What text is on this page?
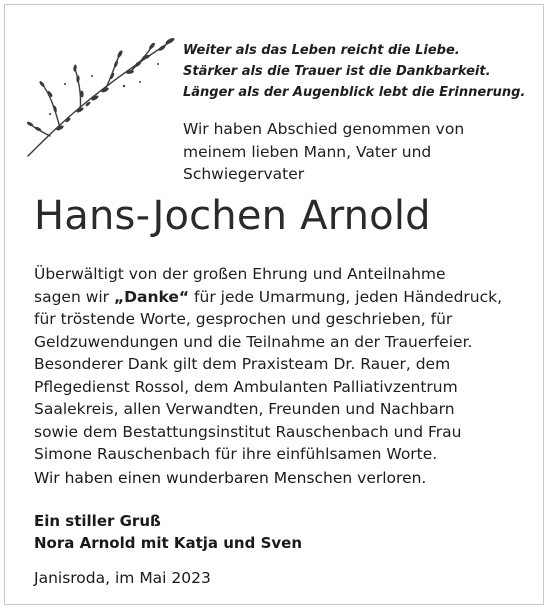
Weiter als das Leben reicht die Liebe.
Stärker als die Trauer ist die Dankbarkeit.
Länger als der Augenblick lebt die Erinnerung.
Wir haben Abschied genommen von
meinem lieben Mann, Vater und
Schwiegervater
Hans-Jochen Arnold
Überwältigt von der großen Ehrung und Anteilnahme
sagen wir „Danke“ für jede Umarmung, jeden Händedruck,
für tröstende Worte, gesprochen und geschrieben, für
Geldzuwendungen und die Teilnahme an der Trauerfeier.
Besonderer Dank gilt dem Praxisteam Dr. Rauer, dem
Pflegedienst Rossol, dem Ambulanten Palliativzentrum
Saalekreis, allen Verwandten, Freunden und Nachbarn
sowie dem Bestattungsinstitut Rauschenbach und Frau
Simone Rauschenbach für ihre einfühlsamen Worte.
Wir haben einen wunderbaren Menschen verloren.
Ein stiller Gruß
Nora Arnold mit Katja und Sven
Janisroda, im Mai 2023
